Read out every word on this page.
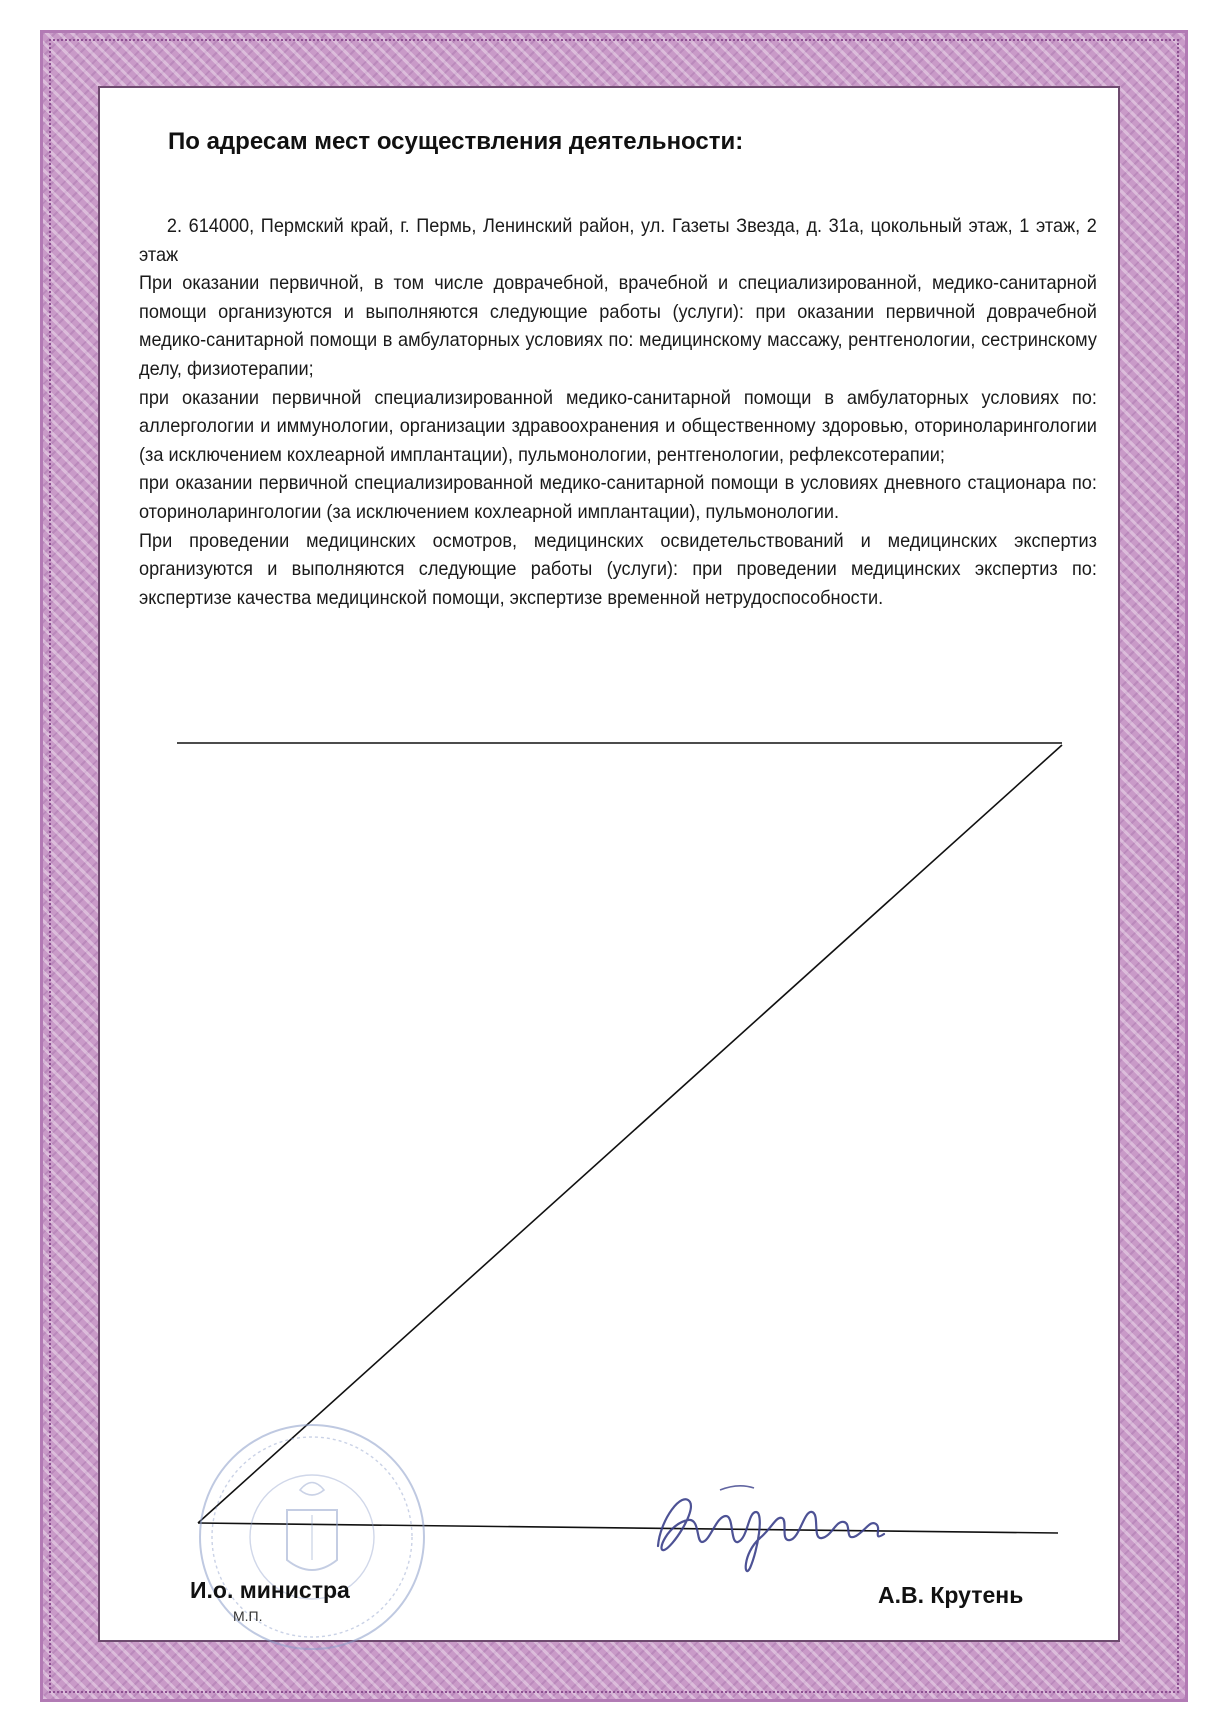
По адресам мест осуществления деятельности:

2. 614000, Пермский край, г. Пермь, Ленинский район, ул. Газеты Звезда, д. 31а, цокольный этаж, 1 этаж, 2 этаж

При оказании первичной, в том числе доврачебной, врачебной и специализированной, медико-санитарной помощи организуются и выполняются следующие работы (услуги): при оказании первичной доврачебной медико-санитарной помощи в амбулаторных условиях по: медицинскому массажу, рентгенологии, сестринскому делу, физиотерапии;

при оказании первичной специализированной медико-санитарной помощи в амбулаторных условиях по: аллергологии и иммунологии, организации здравоохранения и общественному здоровью, оториноларингологии (за исключением кохлеарной имплантации), пульмонологии, рентгенологии, рефлексотерапии;

при оказании первичной специализированной медико-санитарной помощи в условиях дневного стационара по: оториноларингологии (за исключением кохлеарной имплантации), пульмонологии.

При проведении медицинских осмотров, медицинских освидетельствований и медицинских экспертиз организуются и выполняются следующие работы (услуги): при проведении медицинских экспертиз по: экспертизе качества медицинской помощи, экспертизе временной нетрудоспособности.

И.о. министра
М.П.
А.В. Крутень
